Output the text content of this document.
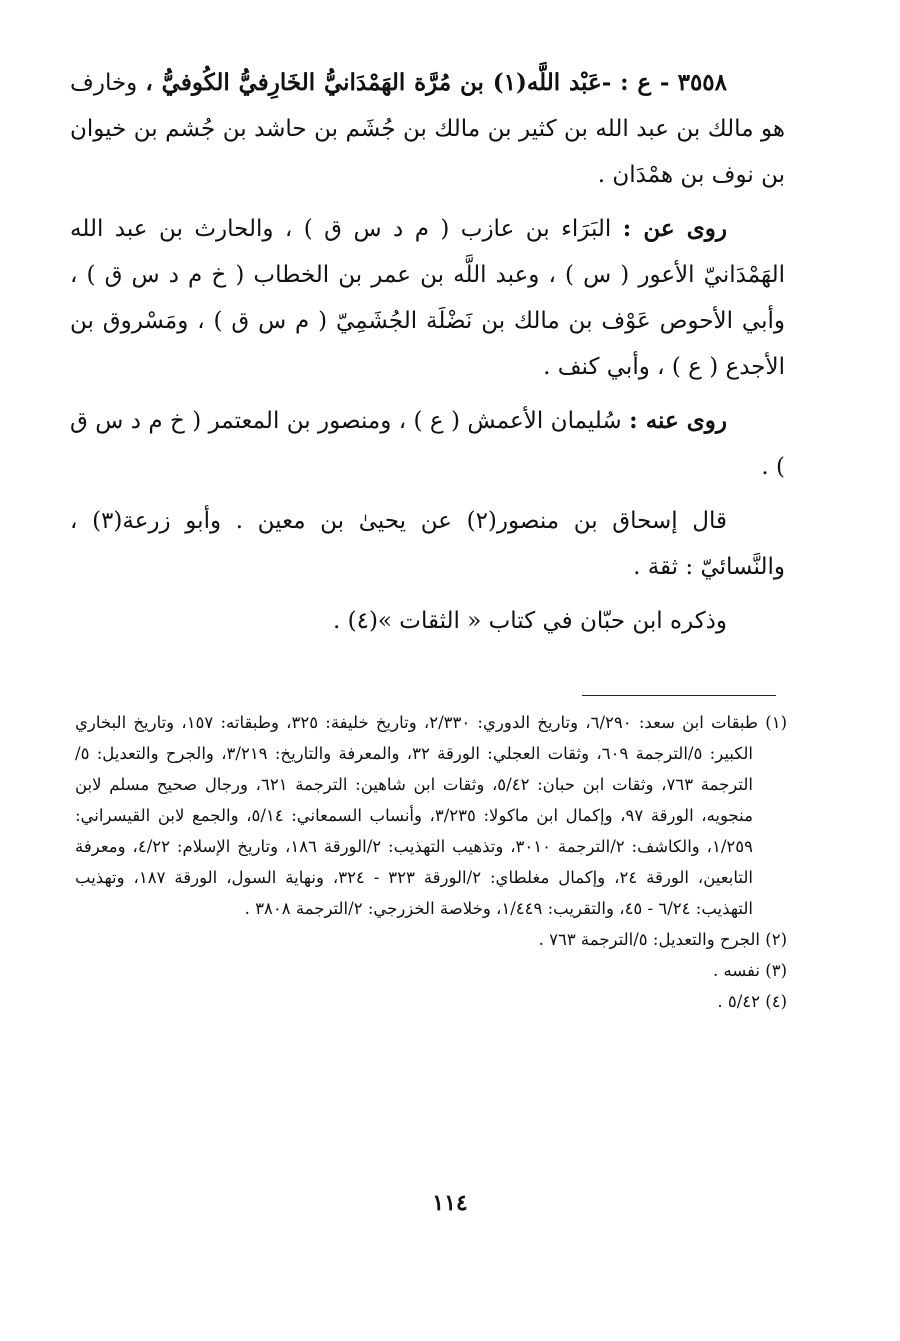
٣٥٥٨ - ع : -عَبْد اللَّه(١) بن مُرَّة الهَمْدَانيُّ الخَارِفيُّ الكُوفيُّ ، وخارف هو مالك بن عبد الله بن كثير بن مالك بن جُشَم بن حاشد بن جُشم بن خيوان بن نوف بن همْدَان .

روى عن : البَرَاء بن عازب ( م د س ق ) ، والحارث بن عبد الله الهَمْدَانيّ الأعور ( س ) ، وعبد اللَّه بن عمر بن الخطاب ( خ م د س ق ) ، وأبي الأحوص عَوْف بن مالك بن نَضْلَة الجُشَمِيّ ( م س ق ) ، ومَسْروق بن الأجدع ( ع ) ، وأبي كنف .

روى عنه : سُليمان الأعمش ( ع ) ، ومنصور بن المعتمر ( خ م د س ق ) .

قال إسحاق بن منصور(٢) عن يحيىٰ بن معين . وأبو زرعة(٣) ، والنَّسائيّ : ثقة .

وذكره ابن حبّان في كتاب « الثقات »(٤) .

(١) طبقات ابن سعد: ٦/٢٩٠، وتاريخ الدوري: ٢/٣٣٠، وتاريخ خليفة: ٣٢٥، وطبقاته: ١٥٧، وتاريخ البخاري الكبير: ٥/الترجمة ٦٠٩، وثقات العجلي: الورقة ٣٢، والمعرفة والتاريخ: ٣/٢١٩، والجرح والتعديل: ٥/الترجمة ٧٦٣، وثقات ابن حبان: ٥/٤٢، وثقات ابن شاهين: الترجمة ٦٢١، ورجال صحيح مسلم لابن منجويه، الورقة ٩٧، وإكمال ابن ماكولا: ٣/٢٣٥، وأنساب السمعاني: ٥/١٤، والجمع لابن القيسراني: ١/٢٥٩، والكاشف: ٢/الترجمة ٣٠١٠، وتذهيب التهذيب: ٢/الورقة ١٨٦، وتاريخ الإسلام: ٤/٢٢، ومعرفة التابعين، الورقة ٢٤، وإكمال مغلطاي: ٢/الورقة ٣٢٣ - ٣٢٤، ونهاية السول، الورقة ١٨٧، وتهذيب التهذيب: ٦/٢٤ - ٤٥، والتقريب: ١/٤٤٩، وخلاصة الخزرجي: ٢/الترجمة ٣٨٠٨ .

(٢) الجرح والتعديل: ٥/الترجمة ٧٦٣ .

(٣) نفسه .

(٤) ٥/٤٢ .

١١٤
